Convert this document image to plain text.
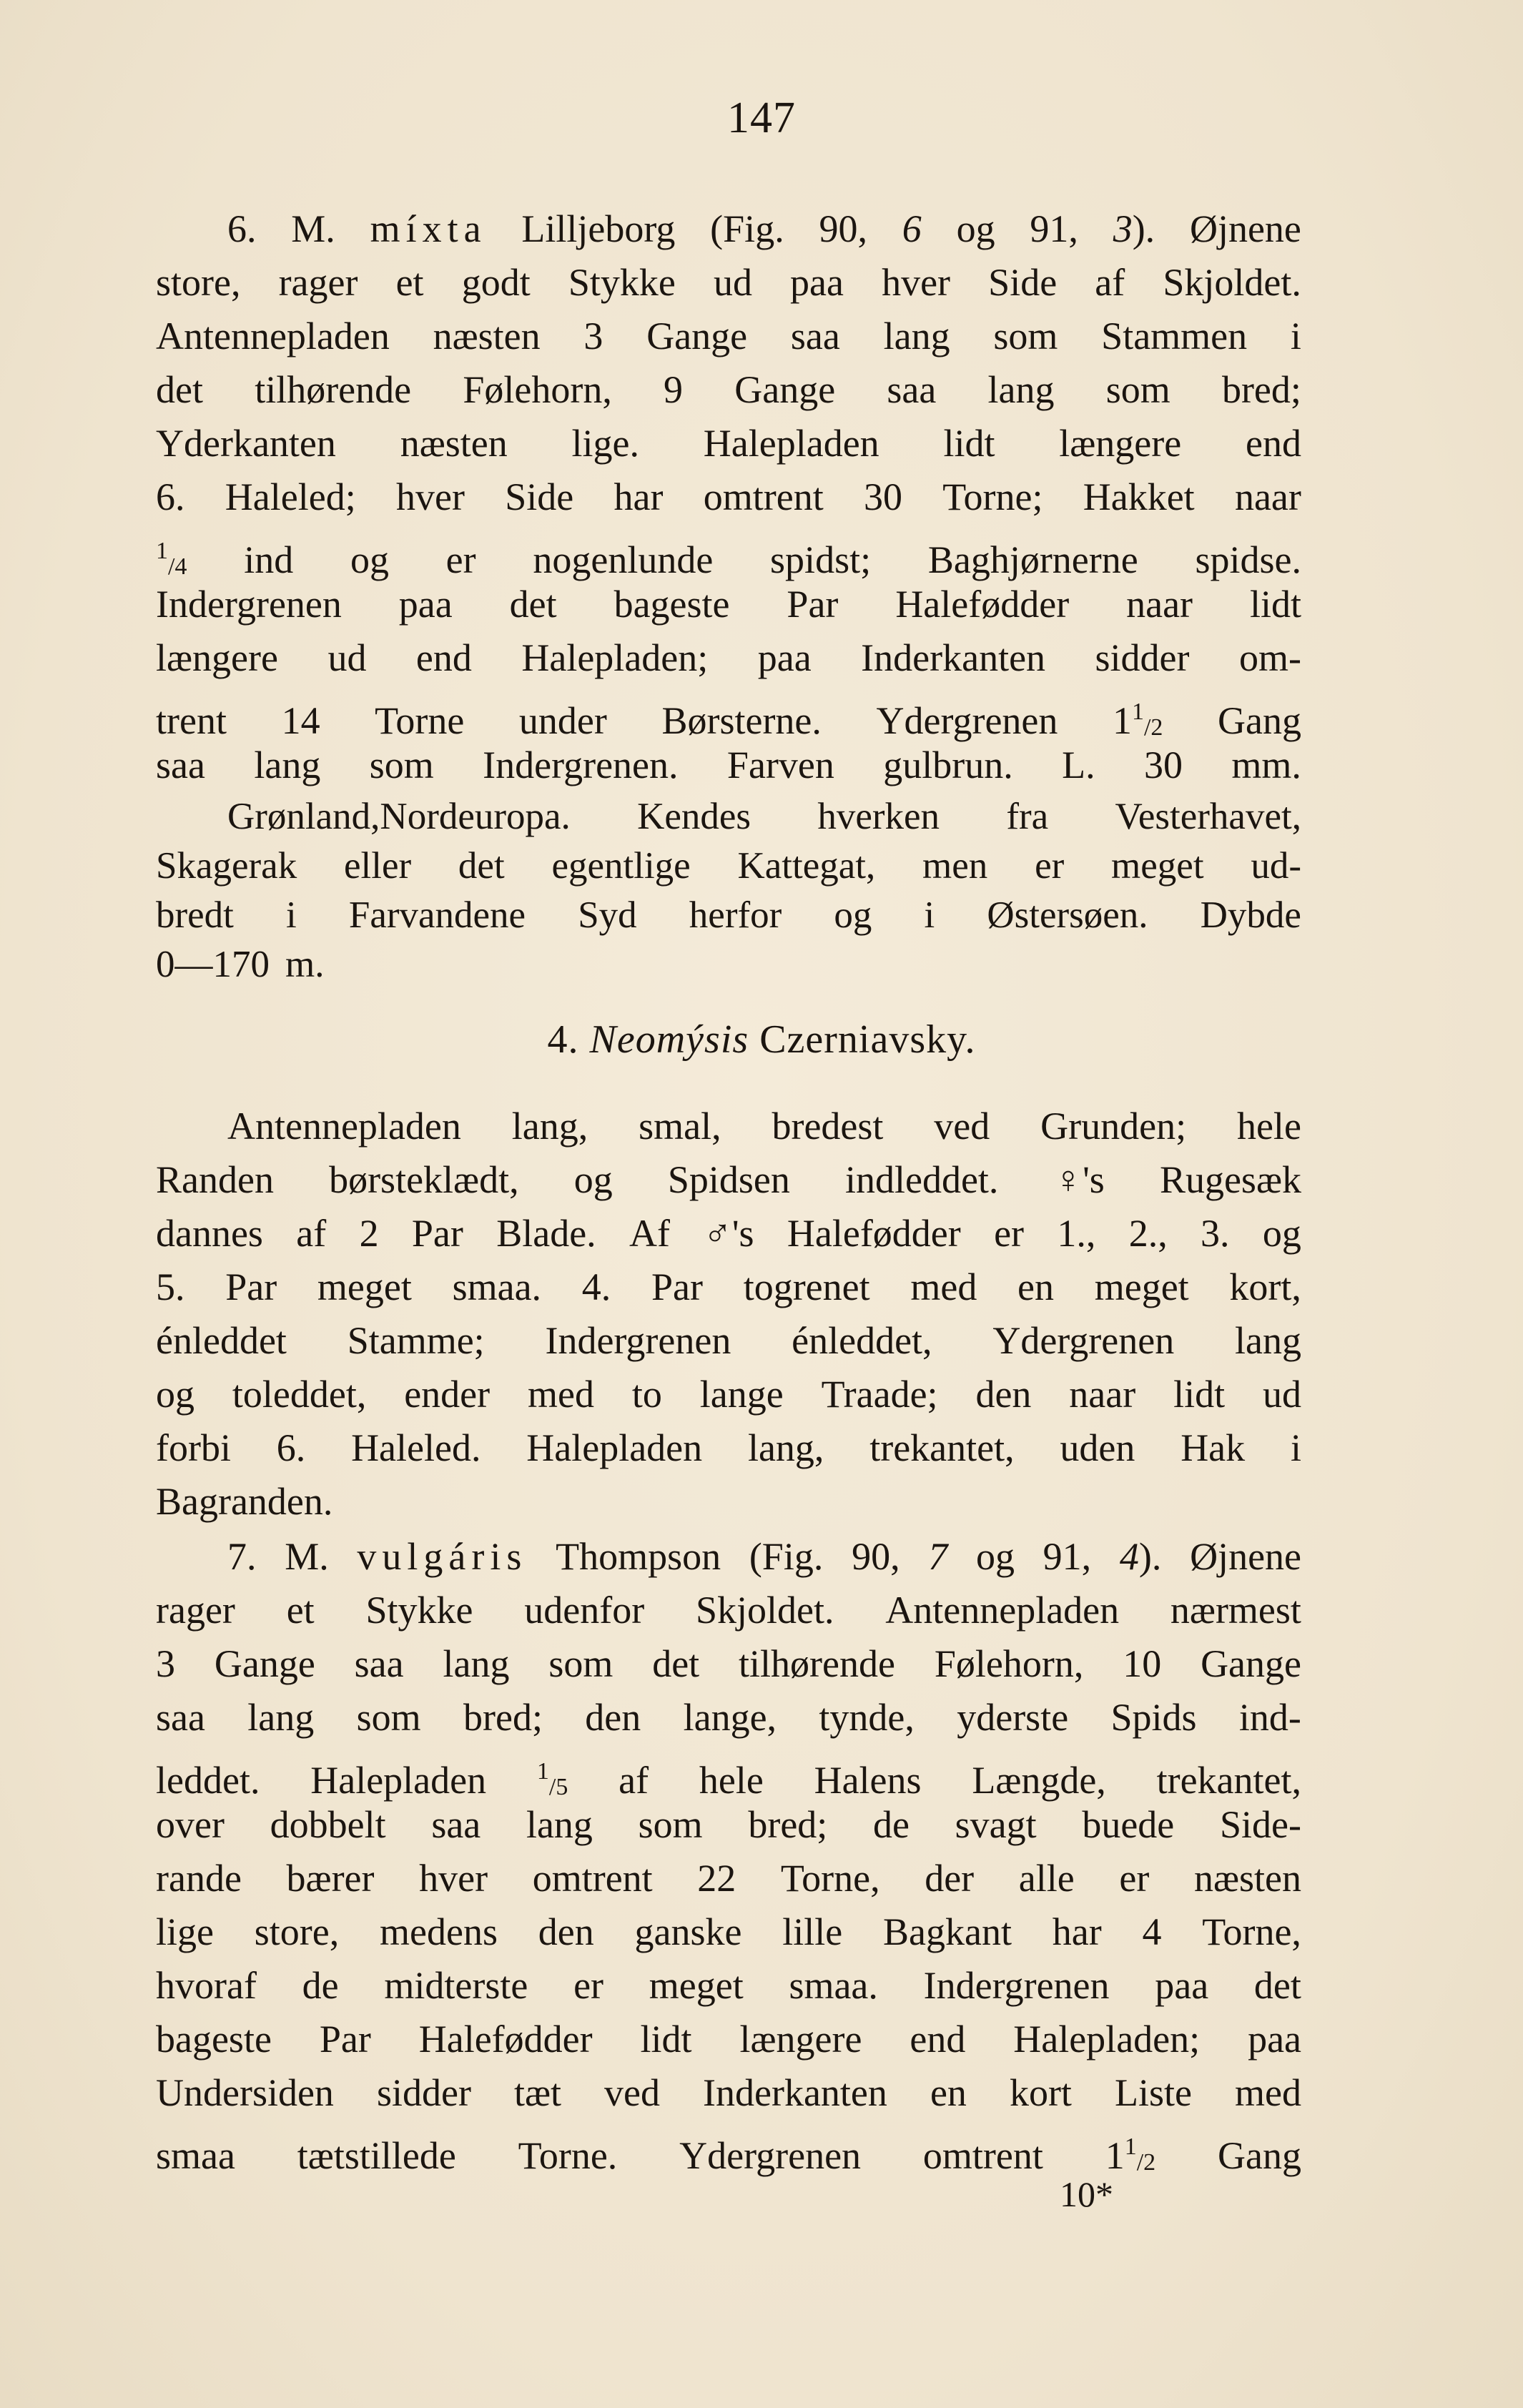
147
6. M. míxta Lilljeborg (Fig. 90, 6 og 91, 3). Øjnene
store, rager et godt Stykke ud paa hver Side af Skjoldet.
Antennepladen næsten 3 Gange saa lang som Stammen i
det tilhørende Følehorn, 9 Gange saa lang som bred;
Yderkanten næsten lige. Halepladen lidt længere end
6. Haleled; hver Side har omtrent 30 Torne; Hakket naar
$^1$/4 ind og er nogenlunde spidst; Baghjørnerne spidse.
Indergrenen paa det bageste Par Halefødder naar lidt
længere ud end Halepladen; paa Inderkanten sidder om-
trent 14 Torne under Børsterne. Ydergrenen $1^1/2$ Gang
saa lang som Indergrenen. Farven gulbrun. L. 30 mm.
Grønland,Nordeuropa. Kendes hverken fra Vesterhavet,
Skagerak eller det egentlige Kattegat, men er meget ud-
bredt i Farvandene Syd herfor og i Østersøen. Dybde
0—170 m.
4. Neomýsis Czerniavsky.
Antennepladen lang, smal, bredest ved Grunden; hele
Randen børsteklædt, og Spidsen indleddet. ♀'s Rugesæk
dannes af 2 Par Blade. Af ♂'s Halefødder er 1., 2., 3. og
5. Par meget smaa. 4. Par togrenet med en meget kort,
énleddet Stamme; Indergrenen énleddet, Ydergrenen lang
og toleddet, ender med to lange Traade; den naar lidt ud
forbi 6. Haleled. Halepladen lang, trekantet, uden Hak i
Bagranden.
7. M. vulgáris Thompson (Fig. 90, 7 og 91, 4). Øjnene
rager et Stykke udenfor Skjoldet. Antennepladen nærmest
3 Gange saa lang som det tilhørende Følehorn, 10 Gange
saa lang som bred; den lange, tynde, yderste Spids ind-
leddet. Halepladen $^1$/5 af hele Halens Længde, trekantet,
over dobbelt saa lang som bred; de svagt buede Side-
rande bærer hver omtrent 22 Torne, der alle er næsten
lige store, medens den ganske lille Bagkant har 4 Torne,
hvoraf de midterste er meget smaa. Indergrenen paa det
bageste Par Halefødder lidt længere end Halepladen; paa
Undersiden sidder tæt ved Inderkanten en kort Liste med
smaa tætstillede Torne. Ydergrenen omtrent $1^1/2$ Gang
10*
